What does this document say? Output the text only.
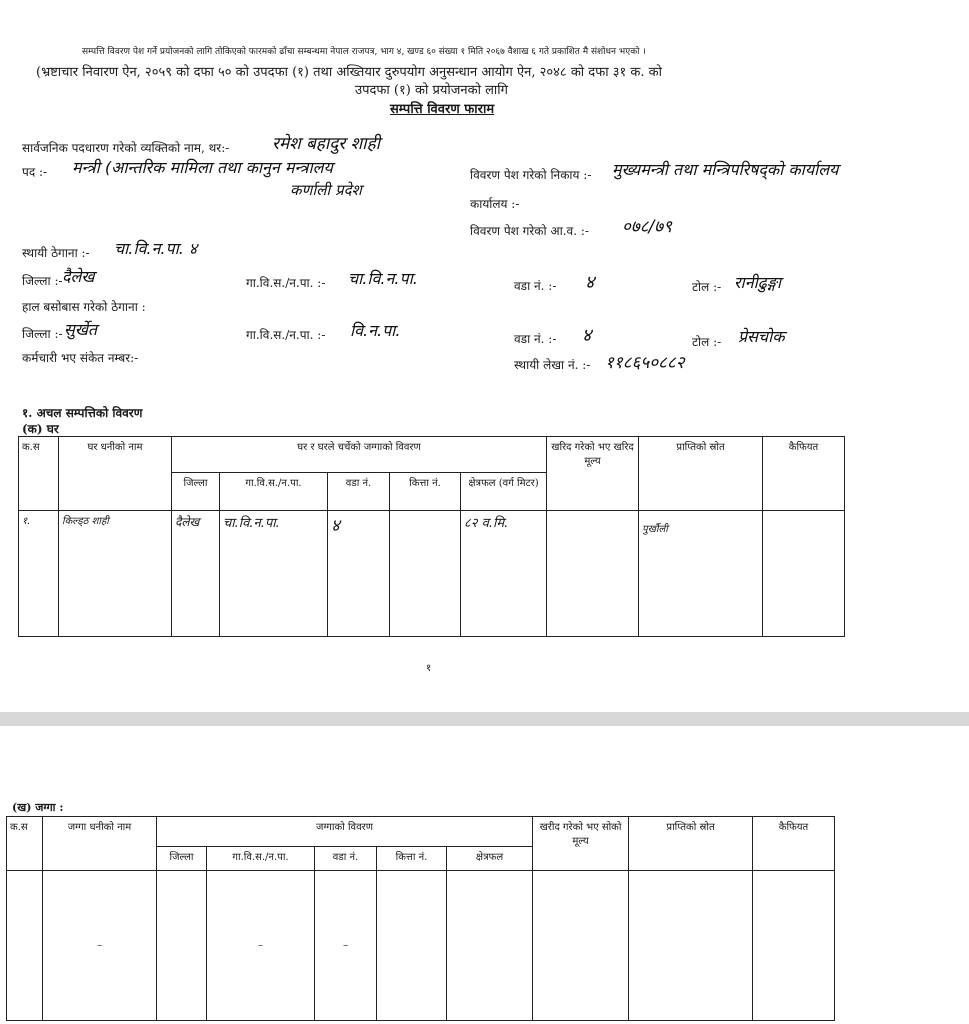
सम्पत्ति विवरण पेश गर्ने प्रयोजनको लागि तोकिएको फारमको ढाँचा सम्बन्धमा नेपाल राजपत्र, भाग ४, खण्ड ६० संख्या १ मिति २०६७ वैशाख ६ गते प्रकाशित मै संशोधन भएको ।
(भ्रष्टाचार निवारण ऐन, २०५९ को दफा ५० को उपदफा (१) तथा अख्तियार दुरुपयोग अनुसन्धान आयोग ऐन, २०४८ को दफा ३१ क. को
उपदफा (१) को प्रयोजनको लागि
सम्पत्ति विवरण फाराम
सार्वजनिक पदधारण गरेको व्यक्तिको नाम, थर:-	रमेश बहादुर शाही
पद :- मन्त्री (आन्तरिक मामिला तथा कानुन मन्त्रालय
कर्णाली प्रदेश
विवरण पेश गरेको निकाय :- मुख्यमन्त्री तथा मन्त्रिपरिषद्को कार्यालय
कार्यालय :-
विवरण पेश गरेको आ.व. :- ०७८/७९
स्थायी ठेगाना :- चा.वि.न.पा. ४
जिल्ला :- दैलेख	गा.वि.स./न.पा. :- चा.वि.न.पा.	वडा नं. :- ४	टोल :- रानीढुङ्गा
हाल बसोबास गरेको ठेगाना :
जिल्ला :- सुर्खेत	गा.वि.स./न.पा. :- वि.न.पा.	वडा नं. :- ४	टोल :- प्रेसचोक
कर्मचारी भए संकेत नम्बर:-	स्थायी लेखा नं. :- ११८६५०८८२
१. अचल सम्पत्तिको विवरण
(क) घर
क.स	घर धनीको नाम	घर र घरले चर्चेको जग्गाको विवरण					खरिद गरेको भए खरिद मूल्य	प्राप्तिको स्रोत	कैफियत
		जिल्ला	गा.वि.स./न.पा.	वडा नं.	कित्ता नं.	क्षेत्रफल (वर्ग मिटर)			
१.	किल्ड्ठ शाही	दैलेख	चा.वि.न.पा.	४		८२ व.मि.		पुर्खौली	
१
(ख) जग्गा :
क.स	जग्गा धनीको नाम	जग्गाको विवरण					खरीद गरेको भए सोको मूल्य	प्राप्तिको स्रोत	कैफियत
		जिल्ला	गा.वि.स./न.पा.	वडा नं.	कित्ता नं.	क्षेत्रफल			
	–		–	–					
